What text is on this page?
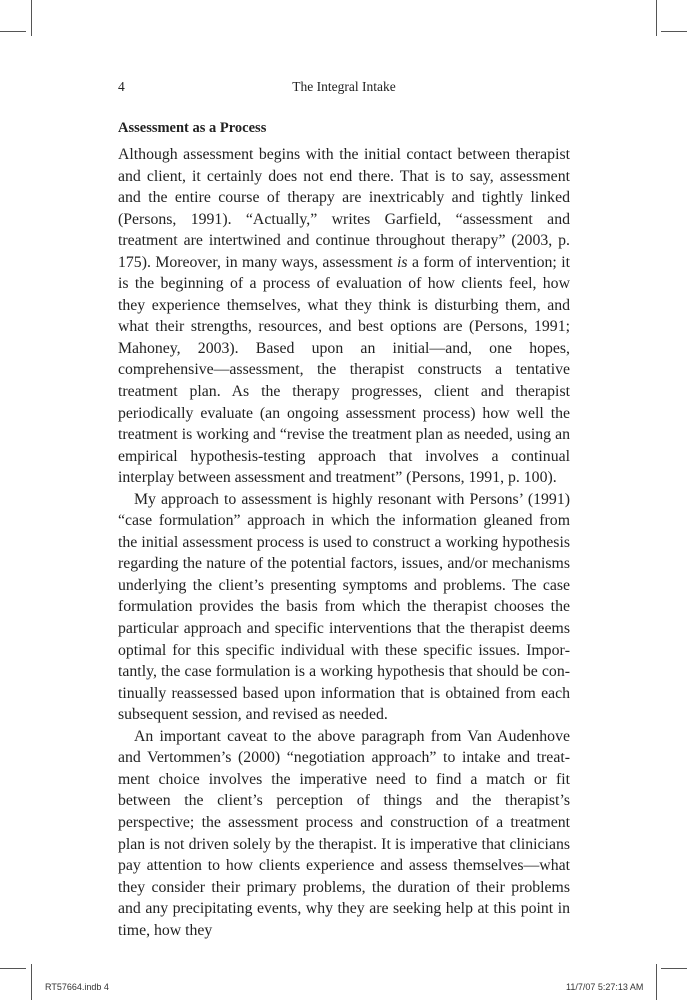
4	The Integral Intake
Assessment as a Process

Although assessment begins with the initial contact between therapist and client, it certainly does not end there. That is to say, assessment and the entire course of therapy are inextricably and tightly linked (Persons, 1991). “Actually,” writes Garfield, “assessment and treatment are intertwined and continue throughout therapy” (2003, p. 175). Moreover, in many ways, assessment is a form of intervention; it is the beginning of a process of evaluation of how clients feel, how they experience themselves, what they think is disturbing them, and what their strengths, resources, and best options are (Persons, 1991; Mahoney, 2003). Based upon an initial—and, one hopes, comprehensive—assessment, the therapist constructs a tentative treatment plan. As the therapy progresses, client and therapist periodically evaluate (an ongoing assessment process) how well the treatment is working and “revise the treatment plan as needed, using an empirical hypothesis-testing approach that involves a continual interplay between assessment and treatment” (Persons, 1991, p. 100).

My approach to assessment is highly resonant with Persons’ (1991) “case formulation” approach in which the information gleaned from the initial assessment process is used to construct a working hypothesis regarding the nature of the potential factors, issues, and/or mechanisms underlying the client’s presenting symptoms and problems. The case formulation provides the basis from which the therapist chooses the particular approach and specific interventions that the therapist deems optimal for this specific individual with these specific issues. Importantly, the case formulation is a working hypothesis that should be continually reassessed based upon information that is obtained from each subsequent session, and revised as needed.

An important caveat to the above paragraph from Van Audenhove and Vertommen’s (2000) “negotiation approach” to intake and treatment choice involves the imperative need to find a match or fit between the client’s perception of things and the therapist’s perspective; the assessment process and construction of a treatment plan is not driven solely by the therapist. It is imperative that clinicians pay attention to how clients experience and assess themselves—what they consider their primary problems, the duration of their problems and any precipitating events, why they are seeking help at this point in time, how they

RT57664.indb 4	11/7/07 5:27:13 AM
